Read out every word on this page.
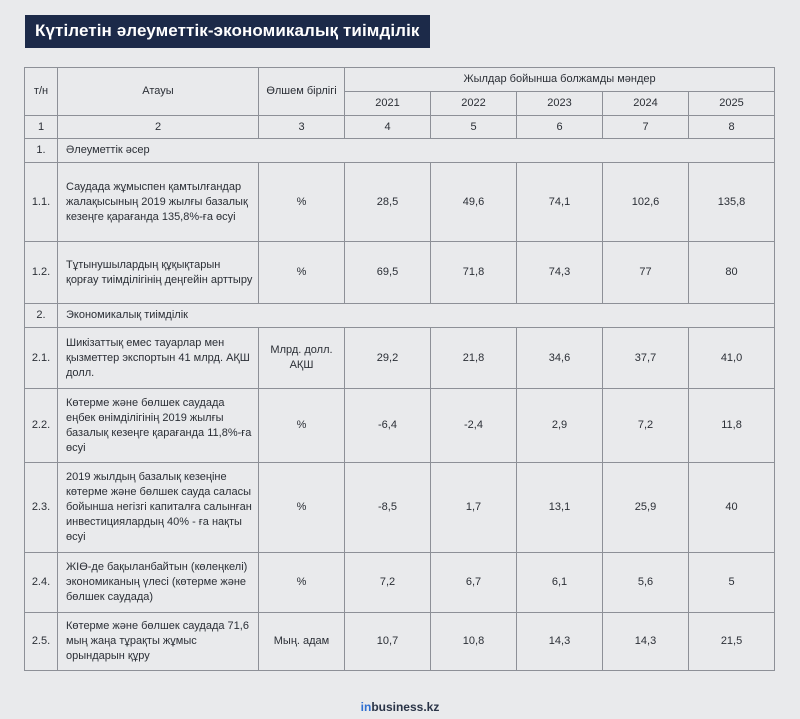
Күтілетін әлеуметтік-экономикалық тиімділік
т/н	Атауы	Өлшем бірлігі	Жылдар бойынша болжамды мәндер				
			2021	2022	2023	2024	2025
1	2	3	4	5	6	7	8
1.	Әлеуметтік әсер						
1.1.	Саудада жұмыспен қамтылғандар жалақысының 2019 жылғы базалық кезеңге қарағанда 135,8%-ға өсуі	%	28,5	49,6	74,1	102,6	135,8
1.2.	Тұтынушылардың құқықтарын қорғау тиімділігінің деңгейін арттыру	%	69,5	71,8	74,3	77	80
2.	Экономикалық тиімділік						
2.1.	Шикізаттық емес тауарлар мен қызметтер экспортын 41 млрд. АҚШ долл.	Млрд. долл. АҚШ	29,2	21,8	34,6	37,7	41,0
2.2.	Көтерме және бөлшек саудада еңбек өнімділігінің 2019 жылғы базалық кезеңге қарағанда 11,8%-ға өсуі	%	-6,4	-2,4	2,9	7,2	11,8
2.3.	2019 жылдың базалық кезеңіне көтерме және бөлшек сауда саласы бойынша негізгі капиталға салынған инвестициялардың 40% - ға нақты өсуі	%	-8,5	1,7	13,1	25,9	40
2.4.	ЖІӨ-де бақыланбайтын (көлеңкелі) экономиканың үлесі (көтерме және бөлшек саудада)	%	7,2	6,7	6,1	5,6	5
2.5.	Көтерме және бөлшек саудада 71,6 мың жаңа тұрақты жұмыс орындарын құру	Мың. адам	10,7	10,8	14,3	14,3	21,5
inbusiness.kz
